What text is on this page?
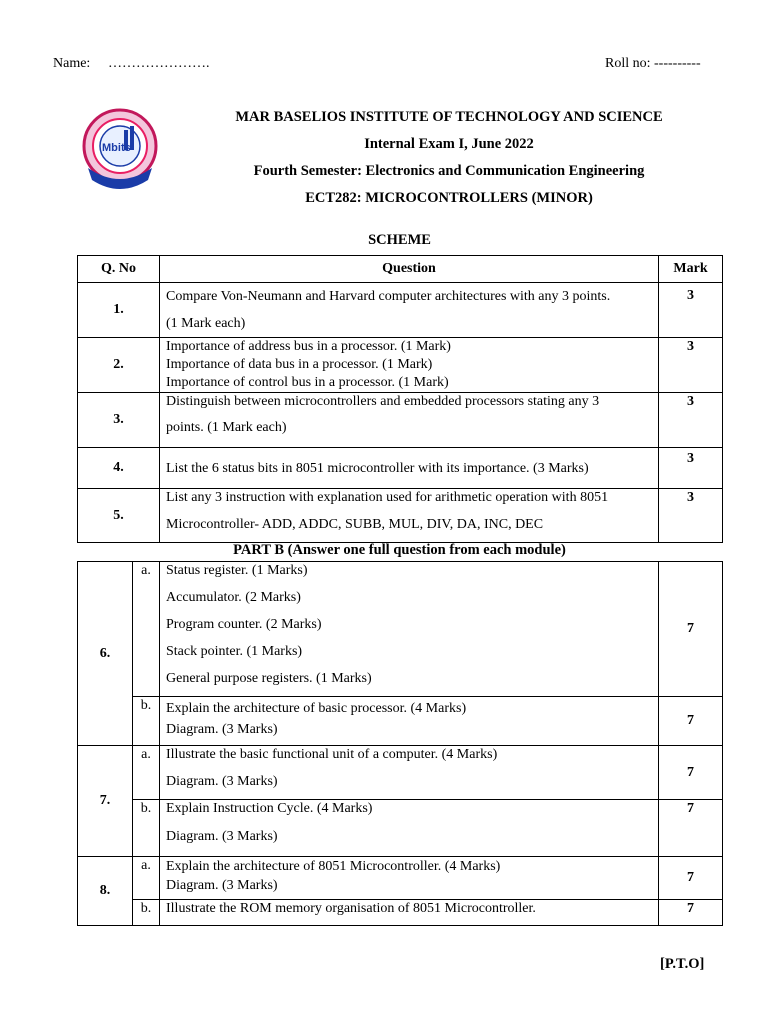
Name: ………………….	Roll no: ----------
Mbits
MAR BASELIOS INSTITUTE OF TECHNOLOGY AND SCIENCE
Internal Exam I, June 2022
Fourth Semester: Electronics and Communication Engineering
ECT282: MICROCONTROLLERS (MINOR)
SCHEME
Q. No	Question	Mark
1.	Compare Von-Neumann and Harvard computer architectures with any 3 points.
(1 Mark each)	3
2.	Importance of address bus in a processor. (1 Mark)
Importance of data bus in a processor. (1 Mark)
Importance of control bus in a processor. (1 Mark)	3
3.	Distinguish between microcontrollers and embedded processors stating any 3
points. (1 Mark each)	3
4.	List the 6 status bits in 8051 microcontroller with its importance. (3 Marks)	3
5.	List any 3 instruction with explanation used for arithmetic operation with 8051
Microcontroller- ADD, ADDC, SUBB, MUL, DIV, DA, INC, DEC	3
PART B (Answer one full question from each module)
6.	a.	Status register. (1 Marks)
Accumulator. (2 Marks)
Program counter. (2 Marks)
Stack pointer. (1 Marks)
General purpose registers. (1 Marks)	7
	b.	Explain the architecture of basic processor. (4 Marks)
Diagram. (3 Marks)	7
7.	a.	Illustrate the basic functional unit of a computer. (4 Marks)
Diagram. (3 Marks)	7
	b.	Explain Instruction Cycle. (4 Marks)
Diagram. (3 Marks)	7
8.	a.	Explain the architecture of 8051 Microcontroller. (4 Marks)
Diagram. (3 Marks)	7
	b.	Illustrate the ROM memory organisation of 8051 Microcontroller.	7
[P.T.O]
